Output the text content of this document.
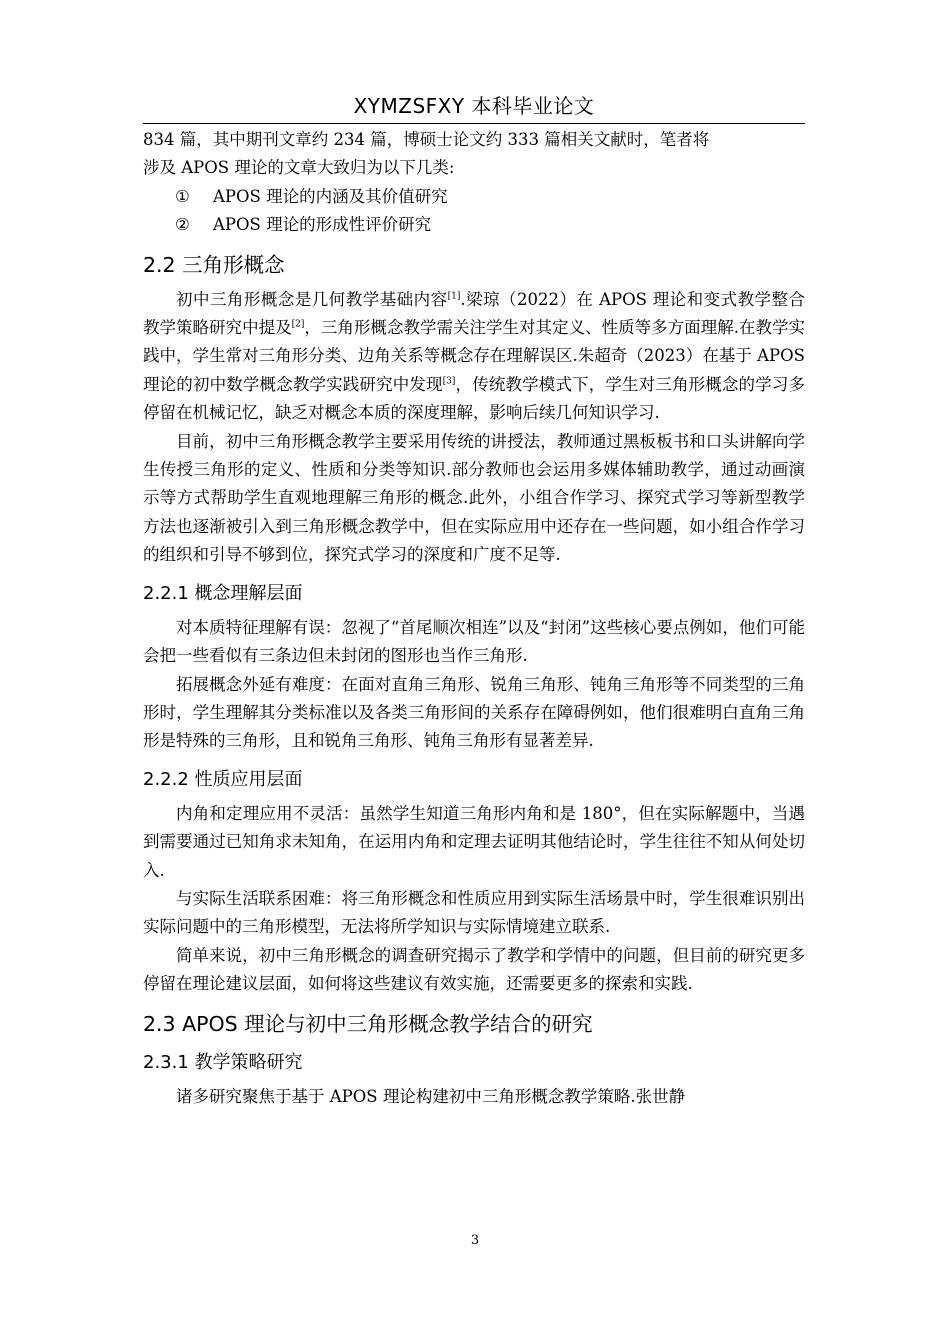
XYMZSFXY 本科毕业论文

834 篇，其中期刊文章约 234 篇，博硕士论文约 333 篇相关文献时，笔者将

涉及 APOS 理论的文章大致归为以下几类:

① APOS 理论的内涵及其价值研究

② APOS 理论的形成性评价研究

2.2 三角形概念

初中三角形概念是几何教学基础内容[1].梁琼（2022）在 APOS 理论和变式教学整合教学策略研究中提及[2]，三角形概念教学需关注学生对其定义、性质等多方面理解.在教学实践中，学生常对三角形分类、边角关系等概念存在理解误区.朱超奇（2023）在基于 APOS 理论的初中数学概念教学实践研究中发现[3]，传统教学模式下，学生对三角形概念的学习多停留在机械记忆，缺乏对概念本质的深度理解，影响后续几何知识学习.

目前，初中三角形概念教学主要采用传统的讲授法，教师通过黑板板书和口头讲解向学生传授三角形的定义、性质和分类等知识.部分教师也会运用多媒体辅助教学，通过动画演示等方式帮助学生直观地理解三角形的概念.此外，小组合作学习、探究式学习等新型教学方法也逐渐被引入到三角形概念教学中，但在实际应用中还存在一些问题，如小组合作学习的组织和引导不够到位，探究式学习的深度和广度不足等.

2.2.1 概念理解层面

对本质特征理解有误：忽视了“首尾顺次相连”以及“封闭”这些核心要点例如，他们可能会把一些看似有三条边但未封闭的图形也当作三角形.

拓展概念外延有难度：在面对直角三角形、锐角三角形、钝角三角形等不同类型的三角形时，学生理解其分类标准以及各类三角形间的关系存在障碍例如，他们很难明白直角三角形是特殊的三角形，且和锐角三角形、钝角三角形有显著差异.

2.2.2 性质应用层面

内角和定理应用不灵活：虽然学生知道三角形内角和是 180°，但在实际解题中，当遇到需要通过已知角求未知角，在运用内角和定理去证明其他结论时，学生往往不知从何处切入.

与实际生活联系困难：将三角形概念和性质应用到实际生活场景中时，学生很难识别出实际问题中的三角形模型，无法将所学知识与实际情境建立联系.

简单来说，初中三角形概念的调查研究揭示了教学和学情中的问题，但目前的研究更多停留在理论建议层面，如何将这些建议有效实施，还需要更多的探索和实践.

2.3 APOS 理论与初中三角形概念教学结合的研究
2.3.1 教学策略研究

诸多研究聚焦于基于 APOS 理论构建初中三角形概念教学策略.张世静

3
